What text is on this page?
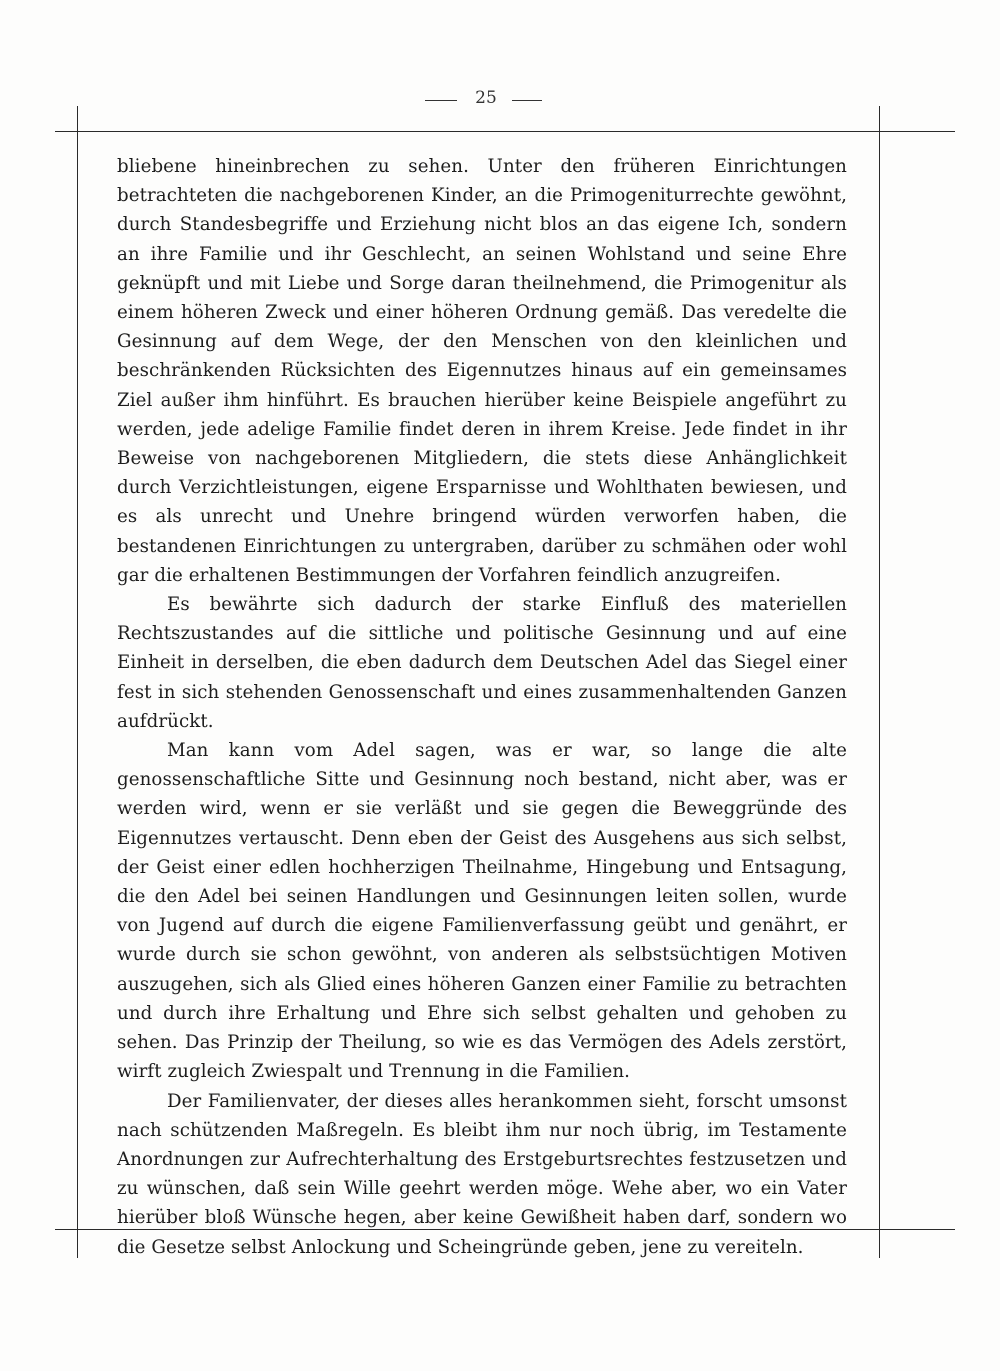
25

bliebene hineinbrechen zu sehen. Unter den früheren Einrichtungen betrachteten die nachgeborenen Kinder, an die Primogeniturrechte gewöhnt, durch Standesbegriffe und Erziehung nicht blos an das eigene Ich, sondern an ihre Familie und ihr Geschlecht, an seinen Wohlstand und seine Ehre geknüpft und mit Liebe und Sorge daran theilnehmend, die Primogenitur als einem höheren Zweck und einer höheren Ordnung gemäß. Das veredelte die Gesinnung auf dem Wege, der den Menschen von den kleinlichen und beschränkenden Rücksichten des Eigennutzes hinaus auf ein gemeinsames Ziel außer ihm hinführt. Es brauchen hierüber keine Beispiele angeführt zu werden, jede adelige Familie findet deren in ihrem Kreise. Jede findet in ihr Beweise von nachgeborenen Mitgliedern, die stets diese Anhänglichkeit durch Verzichtleistungen, eigene Ersparnisse und Wohlthaten bewiesen, und es als unrecht und Unehre bringend würden verworfen haben, die bestandenen Einrichtungen zu untergraben, darüber zu schmähen oder wohl gar die erhaltenen Bestimmungen der Vorfahren feindlich anzugreifen.

Es bewährte sich dadurch der starke Einfluß des materiellen Rechtszustandes auf die sittliche und politische Gesinnung und auf eine Einheit in derselben, die eben dadurch dem Deutschen Adel das Siegel einer fest in sich stehenden Genossenschaft und eines zusammenhaltenden Ganzen aufdrückt.

Man kann vom Adel sagen, was er war, so lange die alte genossenschaftliche Sitte und Gesinnung noch bestand, nicht aber, was er werden wird, wenn er sie verläßt und sie gegen die Beweggründe des Eigennutzes vertauscht. Denn eben der Geist des Ausgehens aus sich selbst, der Geist einer edlen hochherzigen Theilnahme, Hingebung und Entsagung, die den Adel bei seinen Handlungen und Gesinnungen leiten sollen, wurde von Jugend auf durch die eigene Familienverfassung geübt und genährt, er wurde durch sie schon gewöhnt, von anderen als selbstsüchtigen Motiven auszugehen, sich als Glied eines höheren Ganzen einer Familie zu betrachten und durch ihre Erhaltung und Ehre sich selbst gehalten und gehoben zu sehen. Das Prinzip der Theilung, so wie es das Vermögen des Adels zerstört, wirft zugleich Zwiespalt und Trennung in die Familien.

Der Familienvater, der dieses alles herankommen sieht, forscht umsonst nach schützenden Maßregeln. Es bleibt ihm nur noch übrig, im Testamente Anordnungen zur Aufrechterhaltung des Erstgeburtsrechtes festzusetzen und zu wünschen, daß sein Wille geehrt werden möge. Wehe aber, wo ein Vater hierüber bloß Wünsche hegen, aber keine Gewißheit haben darf, sondern wo die Gesetze selbst Anlockung und Scheingründe geben, jene zu vereiteln.
